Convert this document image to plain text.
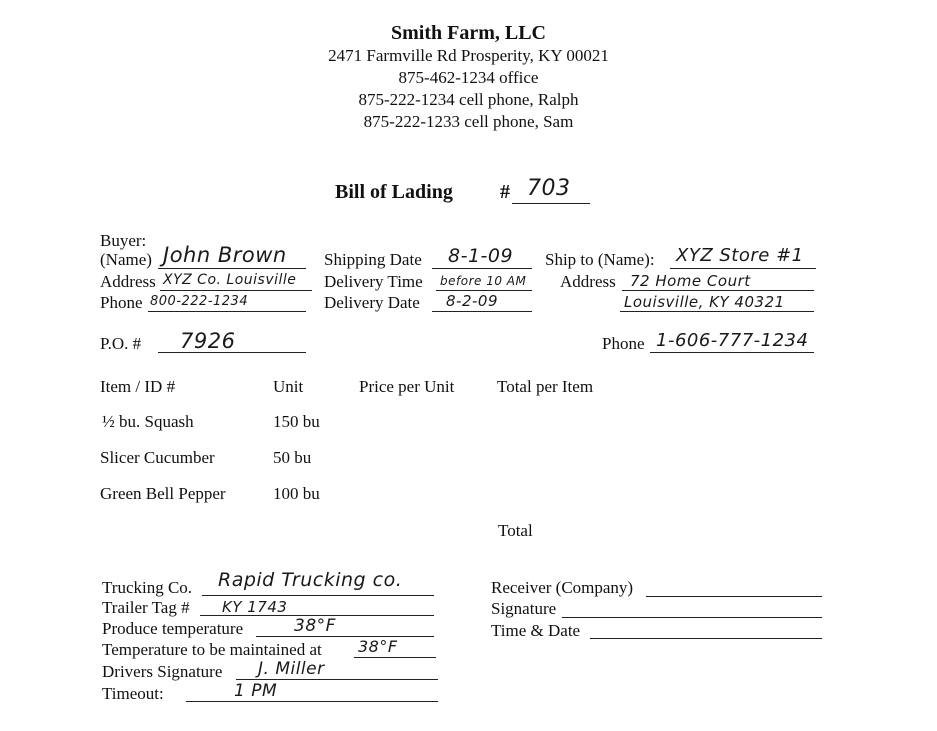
Smith Farm, LLC
2471 Farmville Rd Prosperity, KY 00021
875-462-1234 office
875-222-1234 cell phone, Ralph
875-222-1233 cell phone, Sam
Bill of Lading # 703
Buyer:
(Name) John Brown
Address XYZ Co. Louisville
Phone 800-222-1234
Shipping Date 8-1-09
Delivery Time before 10 AM
Delivery Date 8-2-09
Ship to (Name): XYZ Store #1
Address 72 Home Court
Louisville, KY 40321
P.O. # 7926	Phone 1-606-777-1234
Item / ID #	Unit	Price per Unit	Total per Item
½ bu. Squash	150 bu
Slicer Cucumber	50 bu
Green Bell Pepper	100 bu
Total
Trucking Co. Rapid Trucking co.
Trailer Tag # KY 1743
Produce temperature	38°F
Temperature to be maintained at 38°F
Drivers Signature J. Miller
Timeout:	1 PM
Receiver (Company)
Signature
Time & Date
